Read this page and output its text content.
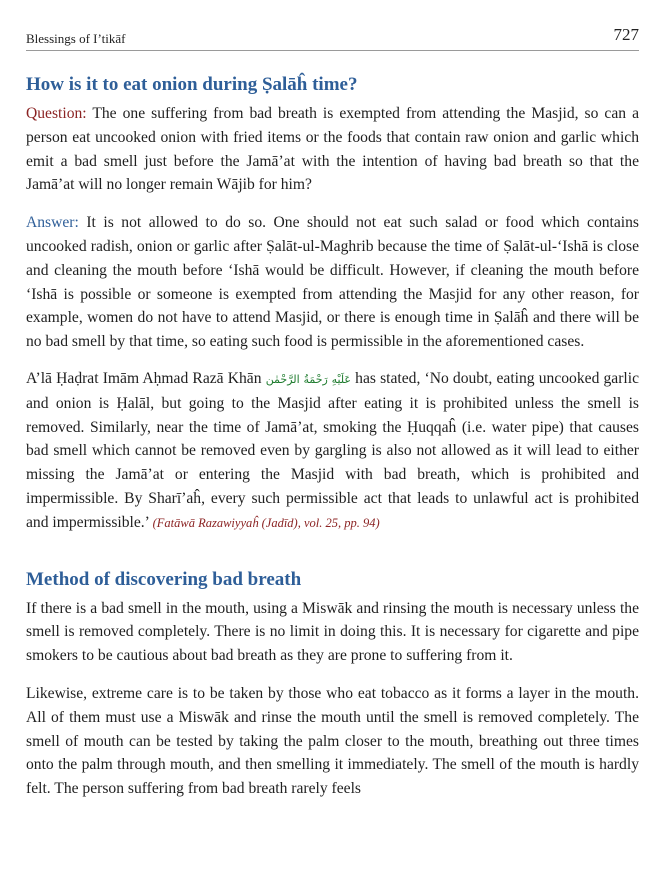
Blessings of I’tikāf	727
How is it to eat onion during Ṣalāĥ time?

Question: The one suffering from bad breath is exempted from attending the Masjid, so can a person eat uncooked onion with fried items or the foods that contain raw onion and garlic which emit a bad smell just before the Jamā’at with the intention of having bad breath so that the Jamā’at will no longer remain Wājib for him?

Answer: It is not allowed to do so. One should not eat such salad or food which contains uncooked radish, onion or garlic after Ṣalāt-ul-Maghrib because the time of Ṣalāt-ul-‘Ishā is close and cleaning the mouth before ‘Ishā would be difficult. However, if cleaning the mouth before ‘Ishā is possible or someone is exempted from attending the Masjid for any other reason, for example, women do not have to attend Masjid, or there is enough time in Ṣalāĥ and there will be no bad smell by that time, so eating such food is permissible in the aforementioned cases.

A’lā Ḥaḍrat Imām Aḥmad Razā Khān عَلَيْهِ رَحْمَةُ الرَّحْمٰن has stated, ‘No doubt, eating uncooked garlic and onion is Ḥalāl, but going to the Masjid after eating it is prohibited unless the smell is removed. Similarly, near the time of Jamā’at, smoking the Ḥuqqaĥ (i.e. water pipe) that causes bad smell which cannot be removed even by gargling is also not allowed as it will lead to either missing the Jamā’at or entering the Masjid with bad breath, which is prohibited and impermissible. By Sharī’aĥ, every such permissible act that leads to unlawful act is prohibited and impermissible.’ (Fatāwā Razawiyyaĥ (Jadīd), vol. 25, pp. 94)

Method of discovering bad breath

If there is a bad smell in the mouth, using a Miswāk and rinsing the mouth is necessary unless the smell is removed completely. There is no limit in doing this. It is necessary for cigarette and pipe smokers to be cautious about bad breath as they are prone to suffering from it.

Likewise, extreme care is to be taken by those who eat tobacco as it forms a layer in the mouth. All of them must use a Miswāk and rinse the mouth until the smell is removed completely. The smell of mouth can be tested by taking the palm closer to the mouth, breathing out three times onto the palm through mouth, and then smelling it immediately. The smell of the mouth is hardly felt. The person suffering from bad breath rarely feels
